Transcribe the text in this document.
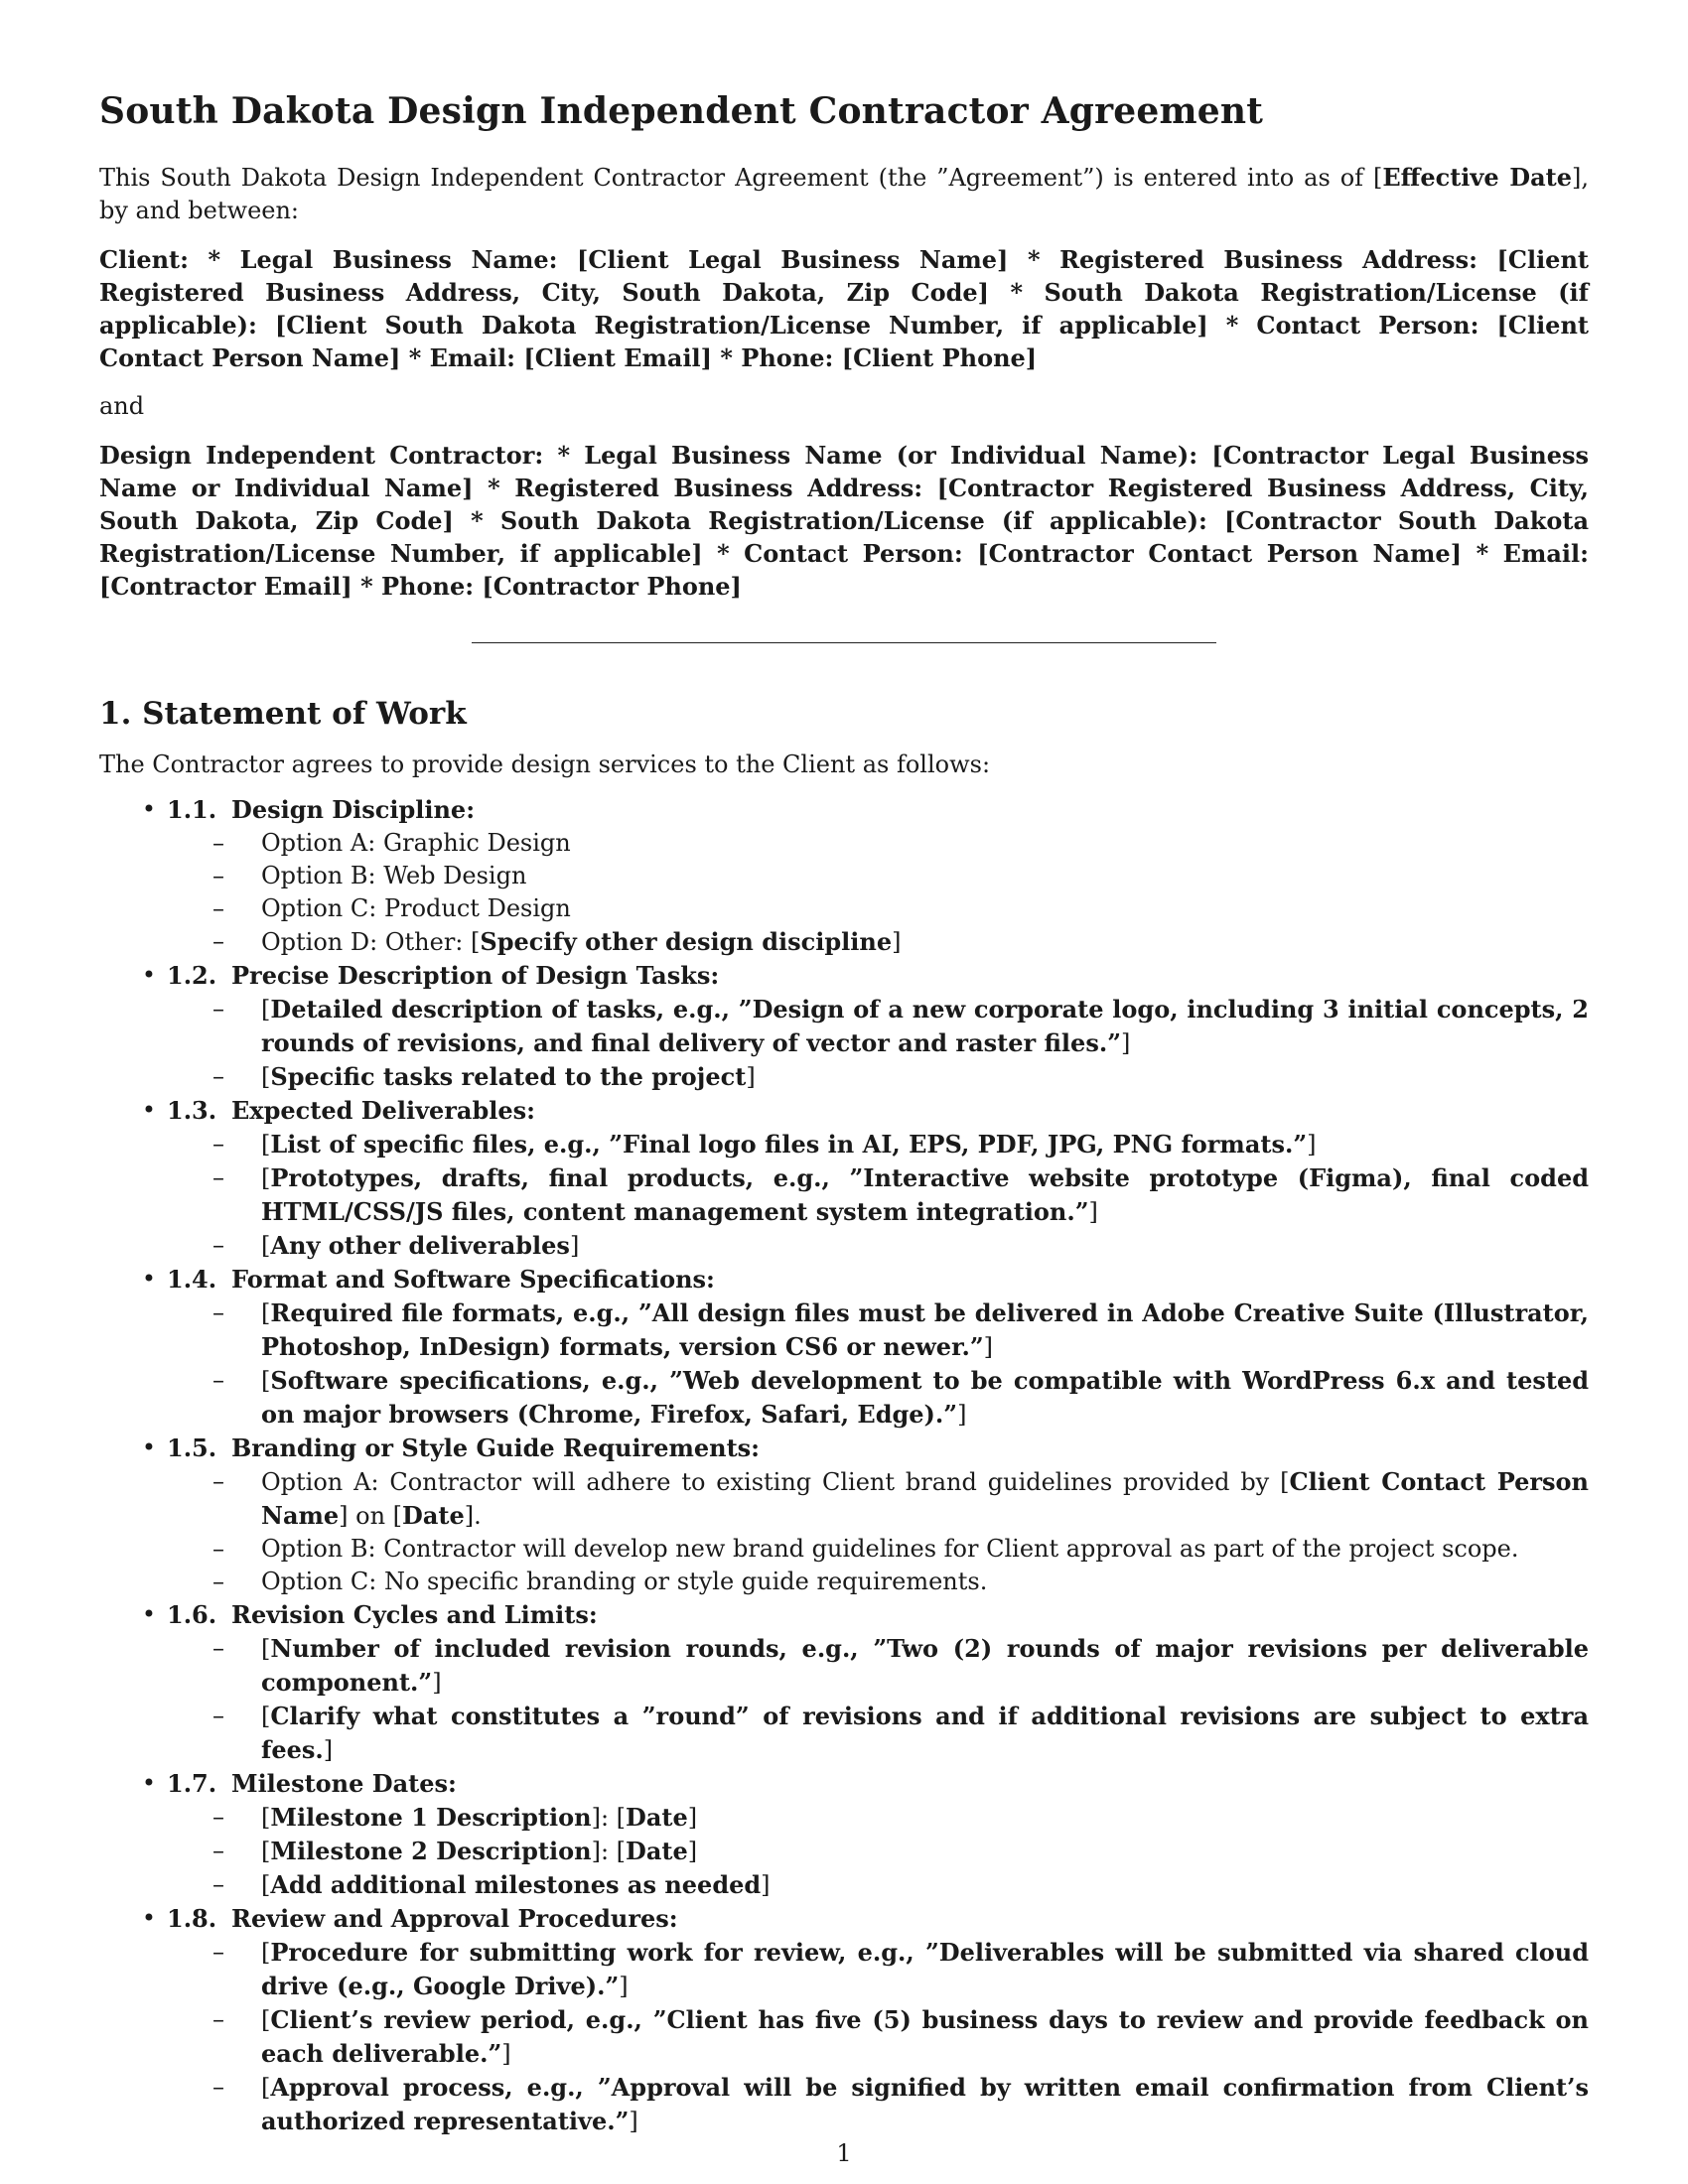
South Dakota Design Independent Contractor Agreement

This South Dakota Design Independent Contractor Agreement (the ”Agreement”) is entered into as of [Effective Date], by and between:

Client: * Legal Business Name: [Client Legal Business Name] * Registered Business Address: [Client Registered Business Address, City, South Dakota, Zip Code] * South Dakota Registration/License (if applicable): [Client South Dakota Registration/License Number, if applicable] * Contact Person: [Client Contact Person Name] * Email: [Client Email] * Phone: [Client Phone]

and

Design Independent Contractor: * Legal Business Name (or Individual Name): [Contractor Legal Business Name or Individual Name] * Registered Business Address: [Contractor Registered Business Address, City, South Dakota, Zip Code] * South Dakota Registration/License (if applicable): [Contractor South Dakota Registration/License Number, if applicable] * Contact Person: [Contractor Contact Person Name] * Email: [Contractor Email] * Phone: [Contractor Phone]

1. Statement of Work

The Contractor agrees to provide design services to the Client as follows:

• 1.1. Design Discipline:
–	Option A: Graphic Design
–	Option B: Web Design
–	Option C: Product Design
–	Option D: Other: [Specify other design discipline]
• 1.2. Precise Description of Design Tasks:
–	[Detailed description of tasks, e.g., ”Design of a new corporate logo, including 3 initial concepts, 2 rounds of revisions, and final delivery of vector and raster files.”]
–	[Specific tasks related to the project]
• 1.3. Expected Deliverables:
–	[List of specific files, e.g., ”Final logo files in AI, EPS, PDF, JPG, PNG formats.”]
–	[Prototypes, drafts, final products, e.g., ”Interactive website prototype (Figma), final coded HTML/CSS/JS files, content management system integration.”]
–	[Any other deliverables]
• 1.4. Format and Software Specifications:
–	[Required file formats, e.g., ”All design files must be delivered in Adobe Creative Suite (Illustrator, Photoshop, InDesign) formats, version CS6 or newer.”]
–	[Software specifications, e.g., ”Web development to be compatible with WordPress 6.x and tested on major browsers (Chrome, Firefox, Safari, Edge).”]
• 1.5. Branding or Style Guide Requirements:
–	Option A: Contractor will adhere to existing Client brand guidelines provided by [Client Contact Person Name] on [Date].
–	Option B: Contractor will develop new brand guidelines for Client approval as part of the project scope.
–	Option C: No specific branding or style guide requirements.
• 1.6. Revision Cycles and Limits:
–	[Number of included revision rounds, e.g., ”Two (2) rounds of major revisions per deliverable component.”]
–	[Clarify what constitutes a ”round” of revisions and if additional revisions are subject to extra fees.]
• 1.7. Milestone Dates:
–	[Milestone 1 Description]: [Date]
–	[Milestone 2 Description]: [Date]
–	[Add additional milestones as needed]
• 1.8. Review and Approval Procedures:
–	[Procedure for submitting work for review, e.g., ”Deliverables will be submitted via shared cloud drive (e.g., Google Drive).”]
–	[Client’s review period, e.g., ”Client has five (5) business days to review and provide feedback on each deliverable.”]
–	[Approval process, e.g., ”Approval will be signified by written email confirmation from Client’s authorized representative.”]
1
